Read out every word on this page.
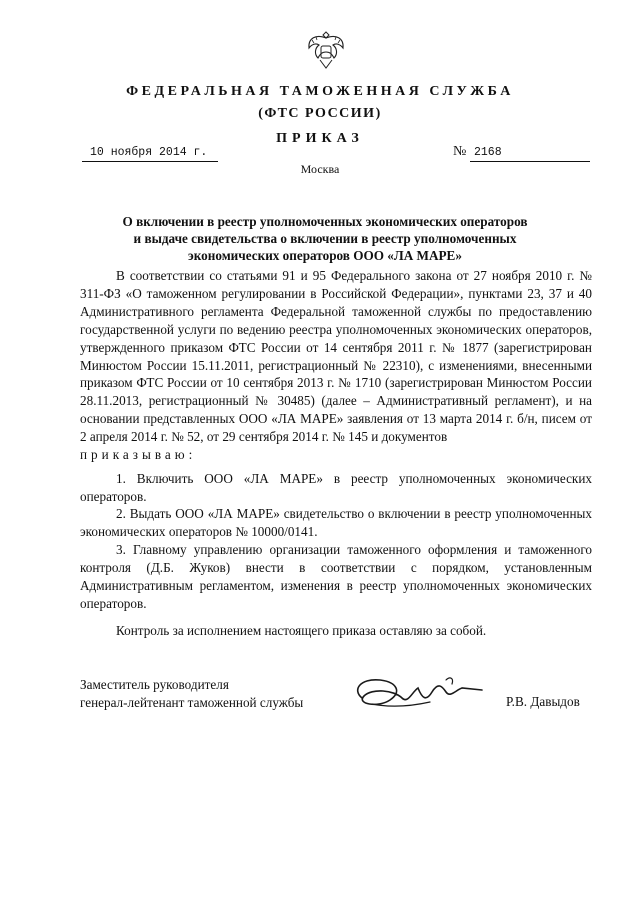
ФЕДЕРАЛЬНАЯ ТАМОЖЕННАЯ СЛУЖБА
(ФТС РОССИИ)
ПРИКАЗ
10 ноября 2014 г.	№ 2168
Москва
О включении в реестр уполномоченных экономических операторов
и выдаче свидетельства о включении в реестр уполномоченных
экономических операторов ООО «ЛА МАРЕ»
В соответствии со статьями 91 и 95 Федерального закона от 27 ноября 2010 г. № 311-ФЗ «О таможенном регулировании в Российской Федерации», пунктами 23, 37 и 40 Административного регламента Федеральной таможенной службы по предоставлению государственной услуги по ведению реестра уполномоченных экономических операторов, утвержденного приказом ФТС России от 14 сентября 2011 г. № 1877 (зарегистрирован Минюстом России 15.11.2011, регистрационный № 22310), с изменениями, внесенными приказом ФТС России от 10 сентября 2013 г. № 1710 (зарегистрирован Минюстом России 28.11.2013, регистрационный № 30485) (далее – Административный регламент), и на основании представленных ООО «ЛА МАРЕ» заявления от 13 марта 2014 г. б/н, писем от 2 апреля 2014 г. № 52, от 29 сентября 2014 г. № 145 и документов
приказываю:
1. Включить ООО «ЛА МАРЕ» в реестр уполномоченных экономических операторов.
2. Выдать ООО «ЛА МАРЕ» свидетельство о включении в реестр уполномоченных экономических операторов № 10000/0141.
3. Главному управлению организации таможенного оформления и таможенного контроля (Д.Б. Жуков) внести в соответствии с порядком, установленным Административным регламентом, изменения в реестр уполномоченных экономических операторов.
Контроль за исполнением настоящего приказа оставляю за собой.
Заместитель руководителя
генерал-лейтенант таможенной службы	Р.В. Давыдов
